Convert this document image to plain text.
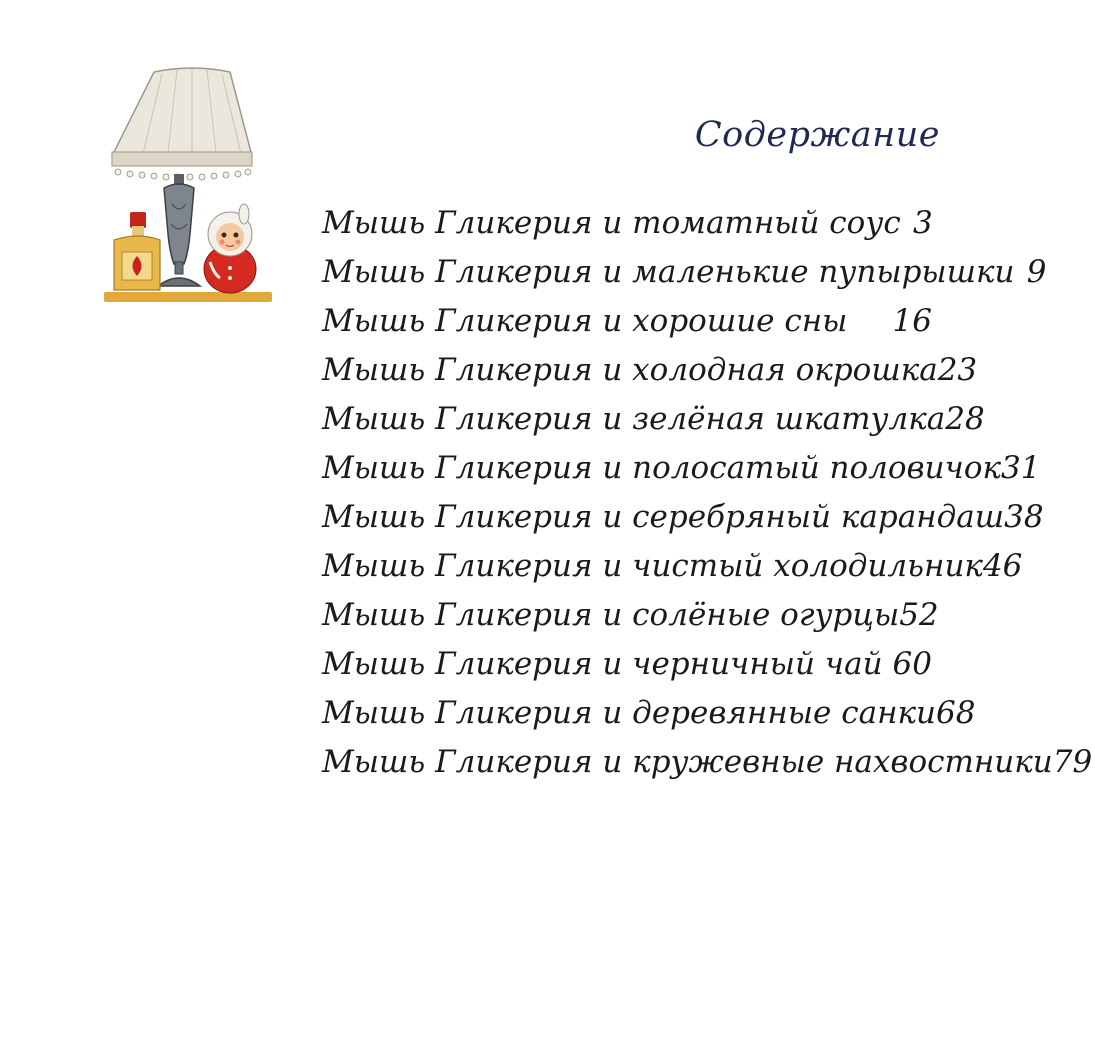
Содержание
Мышь Гликерия и томатный соус 3
Мышь Гликерия и маленькие пупырышки 9
Мышь Гликерия и хорошие сны 16
Мышь Гликерия и холодная окрошка 23
Мышь Гликерия и зелёная шкатулка 28
Мышь Гликерия и полосатый половичок 31
Мышь Гликерия и серебряный карандаш 38
Мышь Гликерия и чистый холодильник 46
Мышь Гликерия и солёные огурцы 52
Мышь Гликерия и черничный чай 60
Мышь Гликерия и деревянные санки 68
Мышь Гликерия и кружевные нахвостники 79
